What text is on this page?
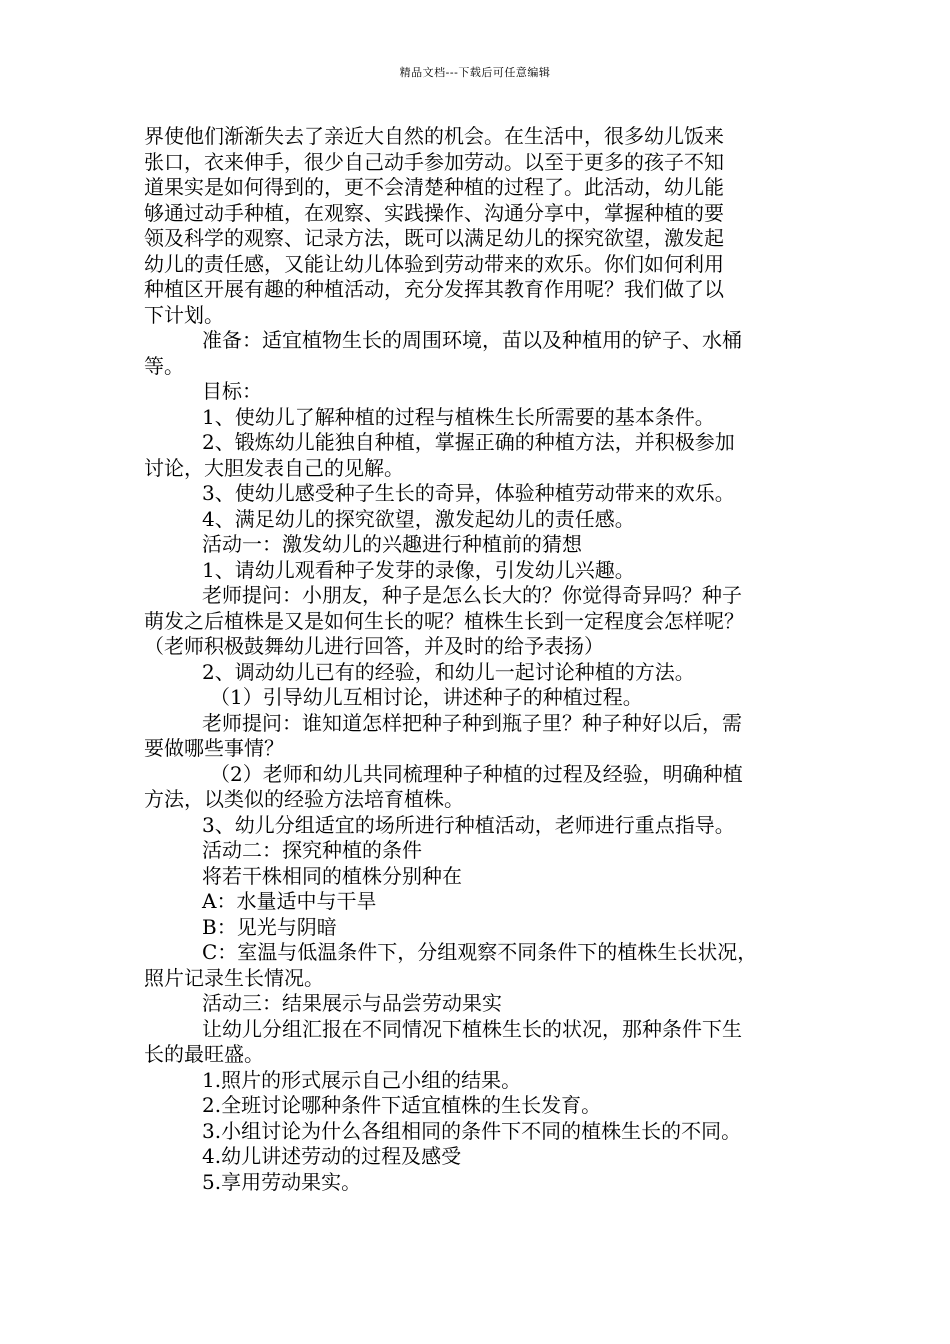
精品文档---下载后可任意编辑
界使他们渐渐失去了亲近大自然的机会。在生活中，很多幼儿饭来
张口，衣来伸手，很少自己动手参加劳动。以至于更多的孩子不知
道果实是如何得到的，更不会清楚种植的过程了。此活动，幼儿能
够通过动手种植，在观察、实践操作、沟通分享中，掌握种植的要
领及科学的观察、记录方法，既可以满足幼儿的探究欲望，激发起
幼儿的责任感，又能让幼儿体验到劳动带来的欢乐。你们如何利用
种植区开展有趣的种植活动，充分发挥其教育作用呢？我们做了以
下计划。
准备：适宜植物生长的周围环境，苗以及种植用的铲子、水桶
等。
目标：
1、使幼儿了解种植的过程与植株生长所需要的基本条件。
2、锻炼幼儿能独自种植，掌握正确的种植方法，并积极参加
讨论，大胆发表自己的见解。
3、使幼儿感受种子生长的奇异，体验种植劳动带来的欢乐。
4、满足幼儿的探究欲望，激发起幼儿的责任感。
活动一：激发幼儿的兴趣进行种植前的猜想
1、请幼儿观看种子发芽的录像，引发幼儿兴趣。
老师提问：小朋友，种子是怎么长大的？你觉得奇异吗？种子
萌发之后植株是又是如何生长的呢？植株生长到一定程度会怎样呢？
（老师积极鼓舞幼儿进行回答，并及时的给予表扬）
2、调动幼儿已有的经验，和幼儿一起讨论种植的方法。
（1）引导幼儿互相讨论，讲述种子的种植过程。
老师提问：谁知道怎样把种子种到瓶子里？种子种好以后，需
要做哪些事情？
（2）老师和幼儿共同梳理种子种植的过程及经验，明确种植
方法，以类似的经验方法培育植株。
3、幼儿分组适宜的场所进行种植活动，老师进行重点指导。
活动二：探究种植的条件
将若干株相同的植株分别种在
A：水量适中与干旱
B：见光与阴暗
C：室温与低温条件下，分组观察不同条件下的植株生长状况，
照片记录生长情况。
活动三：结果展示与品尝劳动果实
让幼儿分组汇报在不同情况下植株生长的状况，那种条件下生
长的最旺盛。
1.照片的形式展示自己小组的结果。
2.全班讨论哪种条件下适宜植株的生长发育。
3.小组讨论为什么各组相同的条件下不同的植株生长的不同。
4.幼儿讲述劳动的过程及感受
5.享用劳动果实。
